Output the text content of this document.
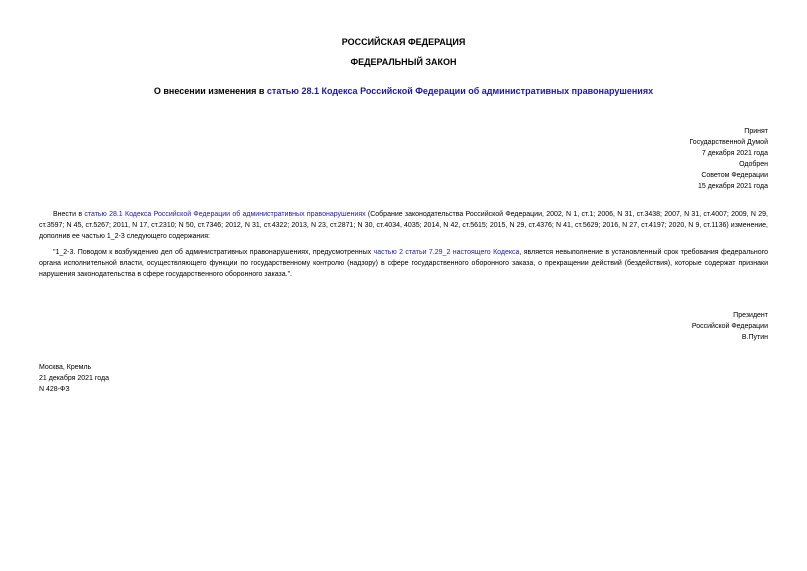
РОССИЙСКАЯ ФЕДЕРАЦИЯ
ФЕДЕРАЛЬНЫЙ ЗАКОН
О внесении изменения в статью 28.1 Кодекса Российской Федерации об административных правонарушениях
Принят
Государственной Думой
7 декабря 2021 года
Одобрен
Советом Федерации
15 декабря 2021 года
Внести в статью 28.1 Кодекса Российской Федерации об административных правонарушениях (Собрание законодательства Российской Федерации, 2002, N 1, ст.1; 2006, N 31, ст.3438; 2007, N 31, ст.4007; 2009, N 29, ст.3597; N 45, ст.5267; 2011, N 17, ст.2310; N 50, ст.7346; 2012, N 31, ст.4322; 2013, N 23, ст.2871; N 30, ст.4034, 4035; 2014, N 42, ст.5615; 2015, N 29, ст.4376; N 41, ст.5629; 2016, N 27, ст.4197; 2020, N 9, ст.1136) изменение, дополнив ее частью 1_2-3 следующего содержания:
"1_2-3. Поводом к возбуждению дел об административных правонарушениях, предусмотренных частью 2 статьи 7.29_2 настоящего Кодекса, является невыполнение в установленный срок требования федерального органа исполнительной власти, осуществляющего функции по государственному контролю (надзору) в сфере государственного оборонного заказа, о прекращении действий (бездействия), которые содержат признаки нарушения законодательства в сфере государственного оборонного заказа.".
Президент
Российской Федерации
В.Путин
Москва, Кремль
21 декабря 2021 года
N 428-ФЗ
